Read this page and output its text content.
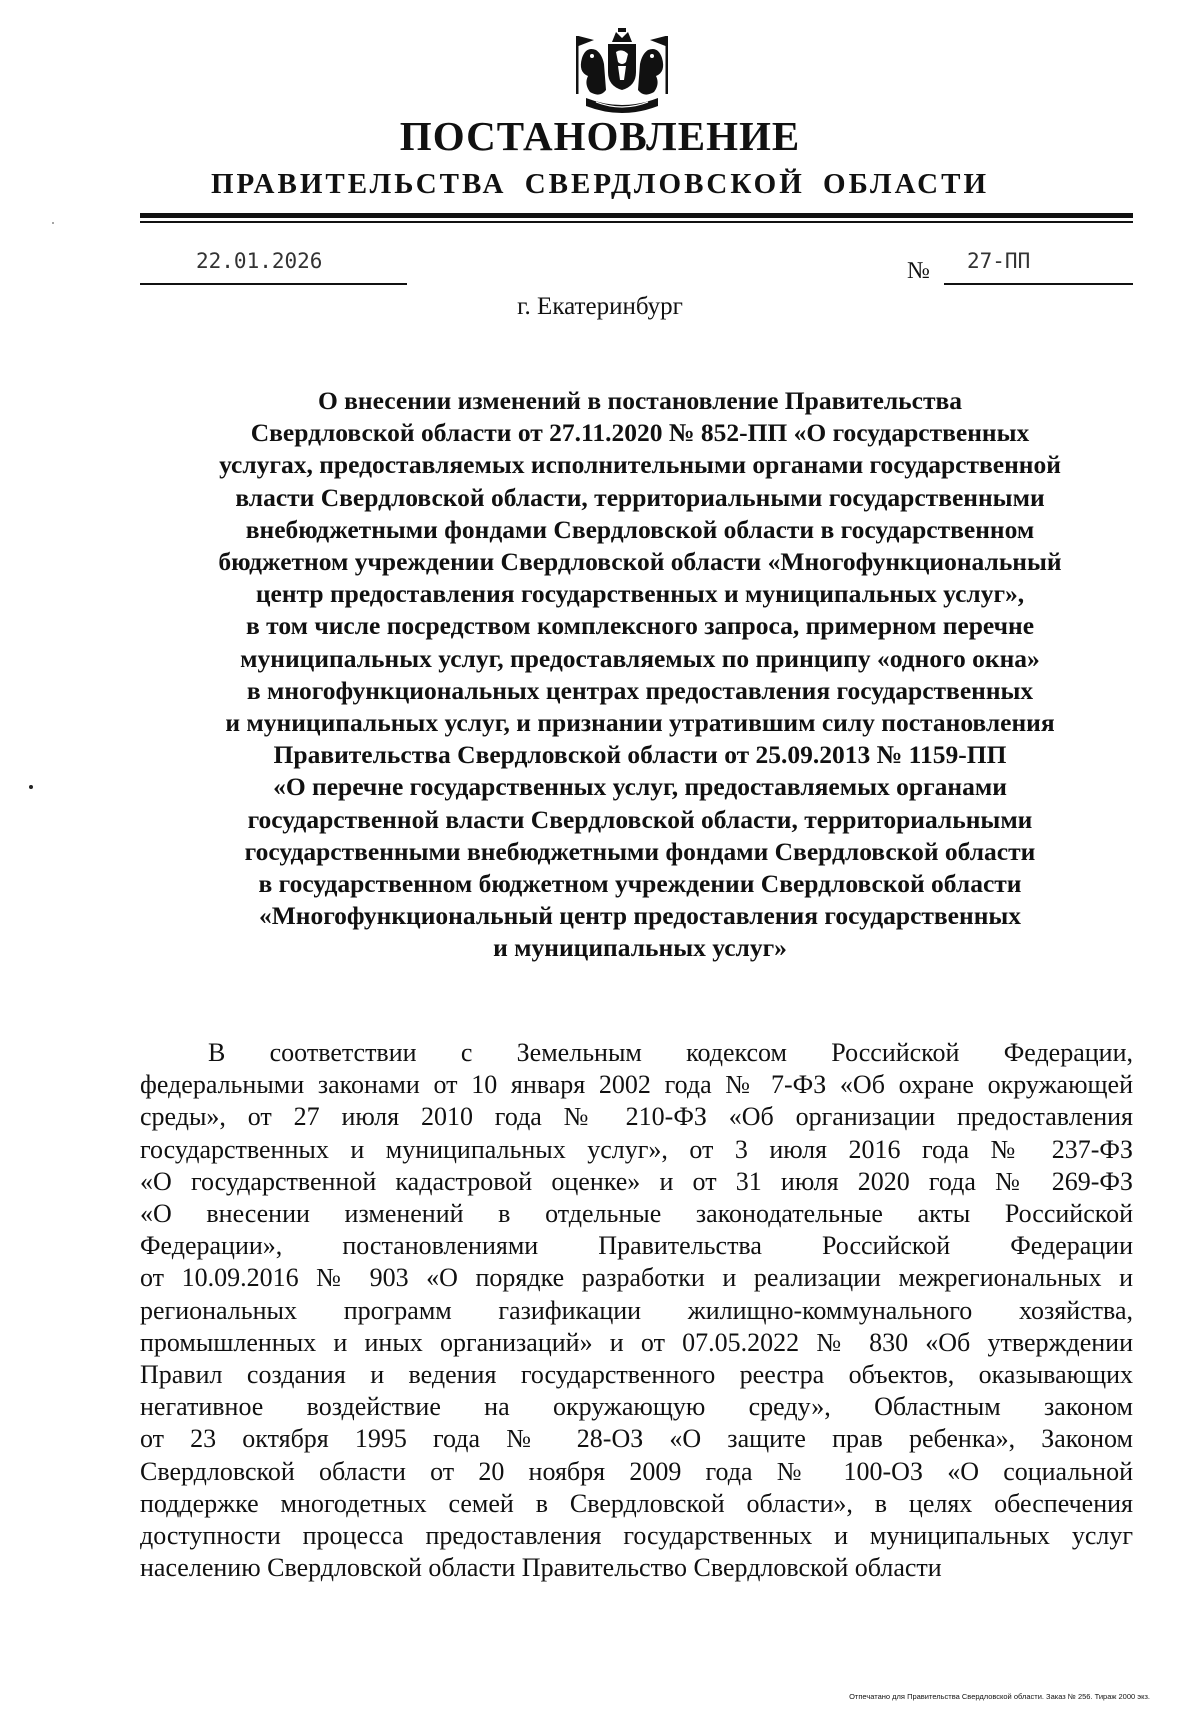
ПОСТАНОВЛЕНИЕ
ПРАВИТЕЛЬСТВА СВЕРДЛОВСКОЙ ОБЛАСТИ
22.01.2026	№ 27-ПП
г. Екатеринбург
О внесении изменений в постановление Правительства
Свердловской области от 27.11.2020 № 852-ПП «О государственных
услугах, предоставляемых исполнительными органами государственной
власти Свердловской области, территориальными государственными
внебюджетными фондами Свердловской области в государственном
бюджетном учреждении Свердловской области «Многофункциональный
центр предоставления государственных и муниципальных услуг»,
в том числе посредством комплексного запроса, примерном перечне
муниципальных услуг, предоставляемых по принципу «одного окна»
в многофункциональных центрах предоставления государственных
и муниципальных услуг, и признании утратившим силу постановления
Правительства Свердловской области от 25.09.2013 № 1159-ПП
«О перечне государственных услуг, предоставляемых органами
государственной власти Свердловской области, территориальными
государственными внебюджетными фондами Свердловской области
в государственном бюджетном учреждении Свердловской области
«Многофункциональный центр предоставления государственных
и муниципальных услуг»
В соответствии с Земельным кодексом Российской Федерации,
федеральными законами от 10 января 2002 года № 7-ФЗ «Об охране окружающей
среды», от 27 июля 2010 года № 210-ФЗ «Об организации предоставления
государственных и муниципальных услуг», от 3 июля 2016 года № 237-ФЗ
«О государственной кадастровой оценке» и от 31 июля 2020 года № 269-ФЗ
«О внесении изменений в отдельные законодательные акты Российской
Федерации», постановлениями Правительства Российской Федерации
от 10.09.2016 № 903 «О порядке разработки и реализации межрегиональных и
региональных программ газификации жилищно-коммунального хозяйства,
промышленных и иных организаций» и от 07.05.2022 № 830 «Об утверждении
Правил создания и ведения государственного реестра объектов, оказывающих
негативное воздействие на окружающую среду», Областным законом
от 23 октября 1995 года № 28-ОЗ «О защите прав ребенка», Законом
Свердловской области от 20 ноября 2009 года № 100-ОЗ «О социальной
поддержке многодетных семей в Свердловской области», в целях обеспечения
доступности процесса предоставления государственных и муниципальных услуг
населению Свердловской области Правительство Свердловской области
Отпечатано для Правительства Свердловской области. Заказ № 256. Тираж 2000 экз.
